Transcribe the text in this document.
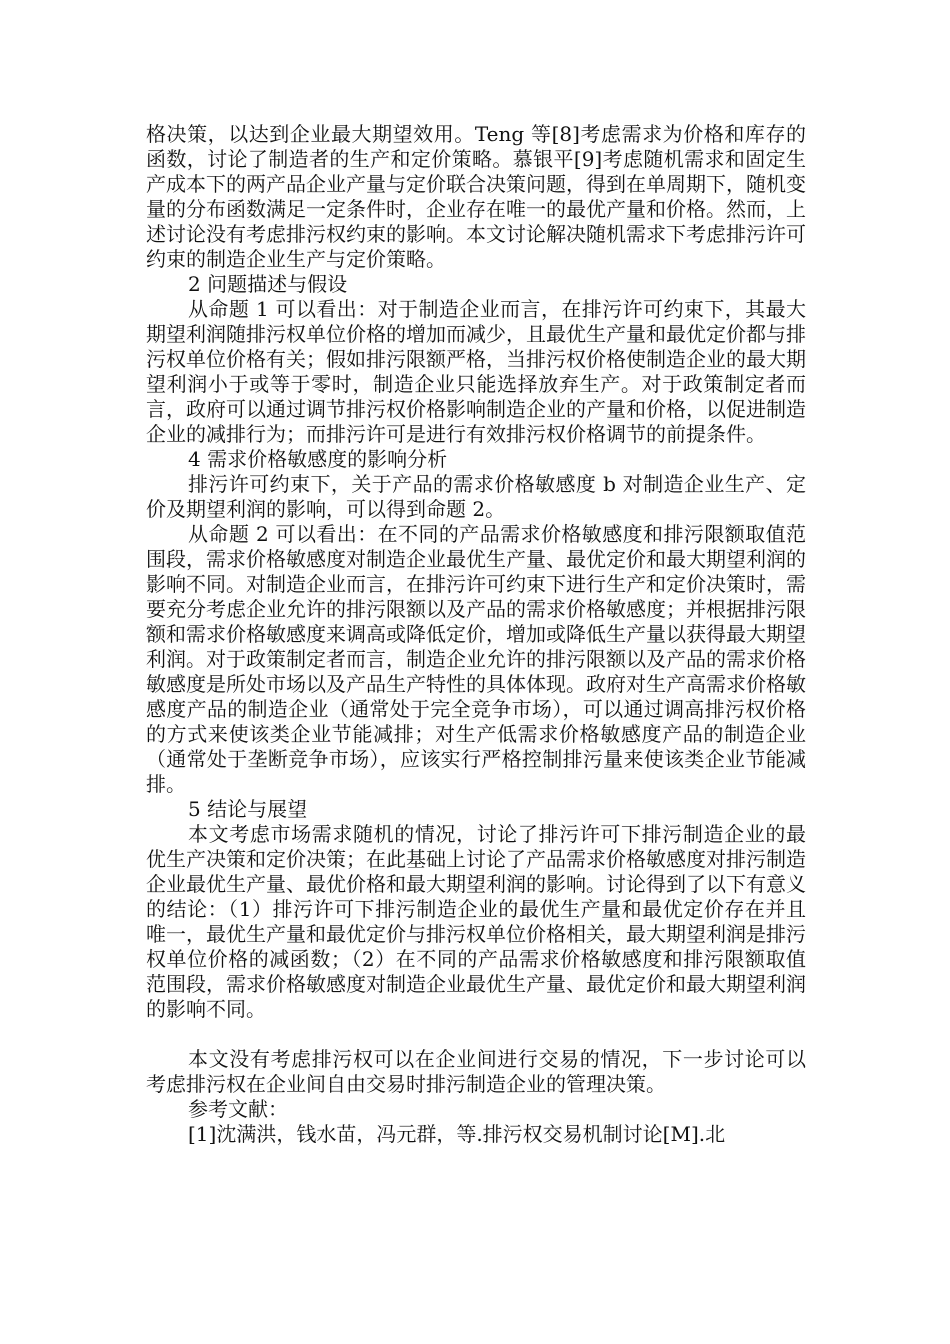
格决策，以达到企业最大期望效用。Teng 等[8]考虑需求为价格和库存的函数，讨论了制造者的生产和定价策略。慕银平[9]考虑随机需求和固定生产成本下的两产品企业产量与定价联合决策问题，得到在单周期下，随机变量的分布函数满足一定条件时，企业存在唯一的最优产量和价格。然而，上述讨论没有考虑排污权约束的影响。本文讨论解决随机需求下考虑排污许可约束的制造企业生产与定价策略。

2 问题描述与假设

从命题 1 可以看出：对于制造企业而言，在排污许可约束下，其最大期望利润随排污权单位价格的增加而减少，且最优生产量和最优定价都与排污权单位价格有关；假如排污限额严格，当排污权价格使制造企业的最大期望利润小于或等于零时，制造企业只能选择放弃生产。对于政策制定者而言，政府可以通过调节排污权价格影响制造企业的产量和价格，以促进制造企业的减排行为；而排污许可是进行有效排污权价格调节的前提条件。

4 需求价格敏感度的影响分析

排污许可约束下，关于产品的需求价格敏感度 b 对制造企业生产、定价及期望利润的影响，可以得到命题 2。

从命题 2 可以看出：在不同的产品需求价格敏感度和排污限额取值范围段，需求价格敏感度对制造企业最优生产量、最优定价和最大期望利润的影响不同。对制造企业而言，在排污许可约束下进行生产和定价决策时，需要充分考虑企业允许的排污限额以及产品的需求价格敏感度；并根据排污限额和需求价格敏感度来调高或降低定价，增加或降低生产量以获得最大期望利润。对于政策制定者而言，制造企业允许的排污限额以及产品的需求价格敏感度是所处市场以及产品生产特性的具体体现。政府对生产高需求价格敏感度产品的制造企业（通常处于完全竞争市场），可以通过调高排污权价格的方式来使该类企业节能减排；对生产低需求价格敏感度产品的制造企业（通常处于垄断竞争市场），应该实行严格控制排污量来使该类企业节能减排。

5 结论与展望

本文考虑市场需求随机的情况，讨论了排污许可下排污制造企业的最优生产决策和定价决策；在此基础上讨论了产品需求价格敏感度对排污制造企业最优生产量、最优价格和最大期望利润的影响。讨论得到了以下有意义的结论：（1）排污许可下排污制造企业的最优生产量和最优定价存在并且唯一，最优生产量和最优定价与排污权单位价格相关，最大期望利润是排污权单位价格的减函数；（2）在不同的产品需求价格敏感度和排污限额取值范围段，需求价格敏感度对制造企业最优生产量、最优定价和最大期望利润的影响不同。

本文没有考虑排污权可以在企业间进行交易的情况，下一步讨论可以考虑排污权在企业间自由交易时排污制造企业的管理决策。

参考文献：

[1]沈满洪，钱水苗，冯元群，等.排污权交易机制讨论[M].北
